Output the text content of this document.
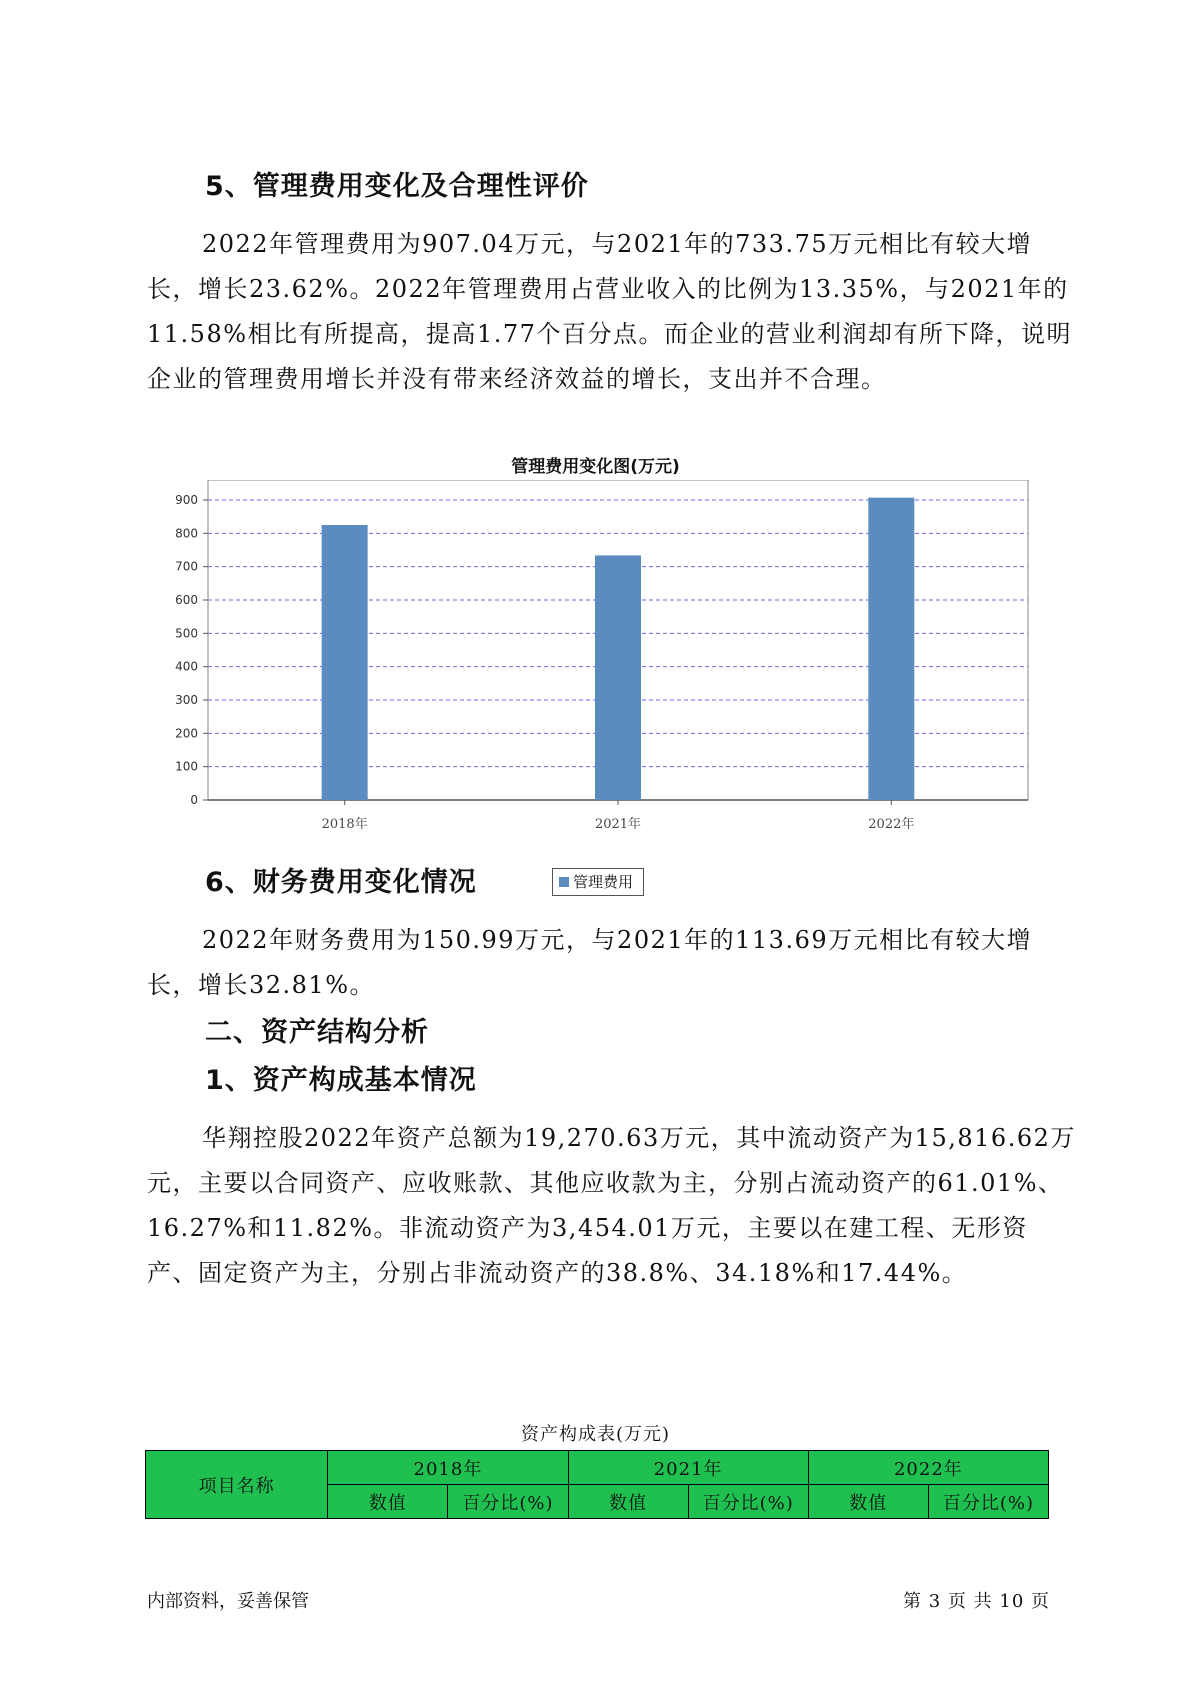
5、管理费用变化及合理性评价

2022年管理费用为907.04万元，与2021年的733.75万元相比有较大增长，增长23.62%。2022年管理费用占营业收入的比例为13.35%，与2021年的11.58%相比有所提高，提高1.77个百分点。而企业的营业利润却有所下降，说明企业的管理费用增长并没有带来经济效益的增长，支出并不合理。

管理费用变化图(万元)
0
100
200
300
400
500
600
700
800
900
2018年	2021年	2022年
管理费用
6、财务费用变化情况

2022年财务费用为150.99万元，与2021年的113.69万元相比有较大增长，增长32.81%。

二、资产结构分析
1、资产构成基本情况

华翔控股2022年资产总额为19,270.63万元，其中流动资产为15,816.62万元，主要以合同资产、应收账款、其他应收款为主，分别占流动资产的61.01%、16.27%和11.82%。非流动资产为3,454.01万元，主要以在建工程、无形资产、固定资产为主，分别占非流动资产的38.8%、34.18%和17.44%。

资产构成表(万元)
项目名称	2018年		2021年		2022年	
	数值	百分比(%)	数值	百分比(%)	数值	百分比(%)
内部资料，妥善保管	第 3 页 共 10 页
